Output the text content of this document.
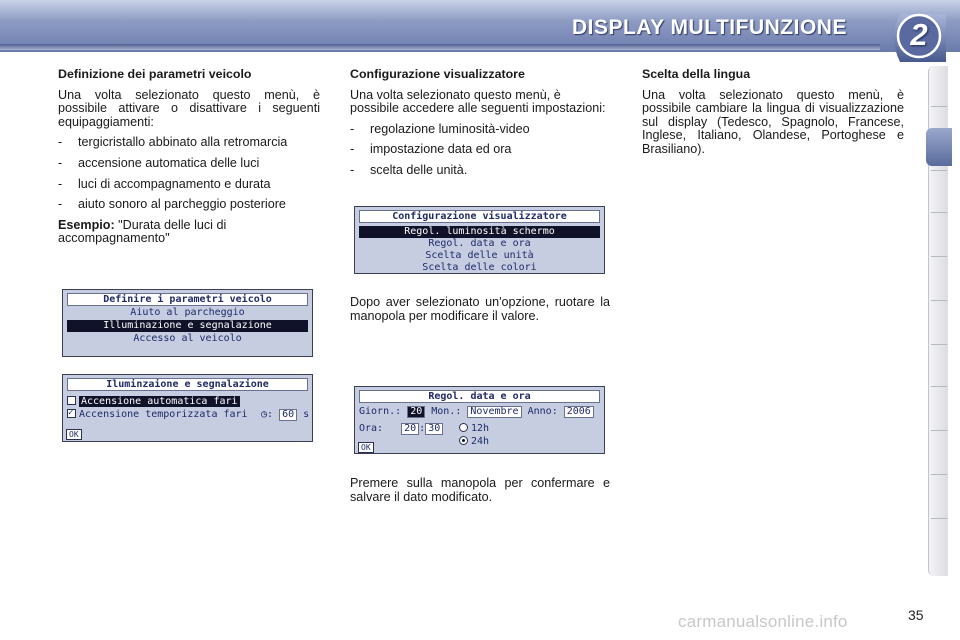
DISPLAY MULTIFUNZIONE 2
Definizione dei parametri veicolo

Una volta selezionato questo menù, è possibile attivare o disattivare i seguenti equipaggiamenti:

- tergicristallo abbinato alla retromarcia
- accensione automatica delle luci
- luci di accompagnamento e durata
- aiuto sonoro al parcheggio posteriore

Esempio: "Durata delle luci di accompagnamento"

Configurazione visualizzatore

Una volta selezionato questo menù, è possibile accedere alle seguenti impostazioni:

- regolazione luminosità-video
- impostazione data ed ora
- scelta delle unità.
Dopo aver selezionato un'opzione, ruotare la manopola per modificare il valore.
Premere sulla manopola per confermare e salvare il dato modificato.
Scelta della lingua

Una volta selezionato questo menù, è possibile cambiare la lingua di visualizzazione sul display (Tedesco, Spagnolo, Francese, Inglese, Italiano, Olandese, Portoghese e Brasiliano).

Definire i parametri veicolo
Aiuto al parcheggio
Illuminazione e segnalazione
Accesso al veicolo
Iluminzaione e segnalazione
Accensione automatica fari
✓Accensione temporizzata fari ◷: 60 s
OK
Configurazione visualizzatore
Regol. luminosità schermo
Regol. data e ora
Scelta delle unità
Scelta delle colori
Regol. data e ora
Giorn.: 20 Mon.: Novembre Anno: 2006
Ora: 20 : 30	12h
24h
OK
carmanualsonline.info	35
